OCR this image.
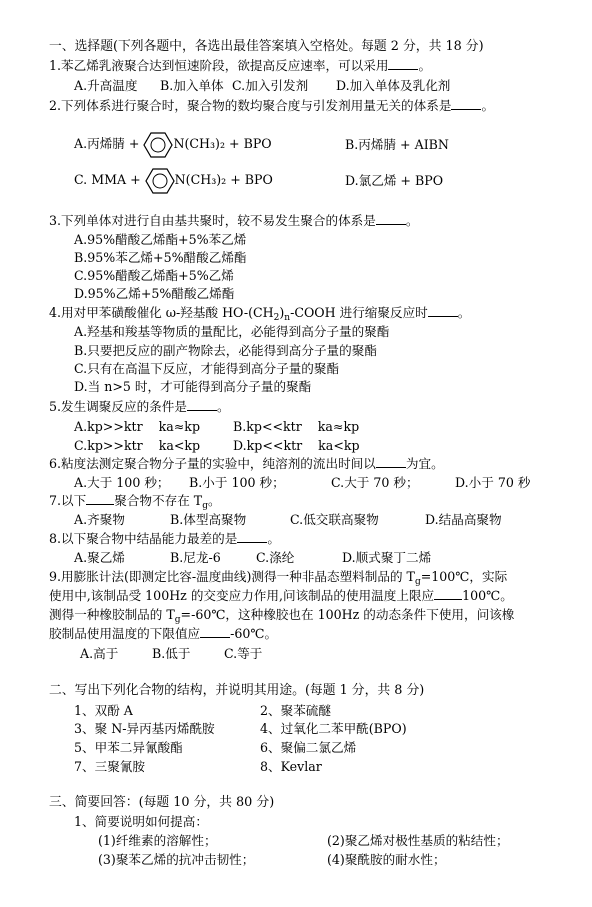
一、选择题(下列各题中，各选出最佳答案填入空格处。每题 2 分，共 18 分)
1.苯乙烯乳液聚合达到恒速阶段，欲提高反应速率，可以采用 。
A.升高温度 B.加入单体 C.加入引发剂 D.加入单体及乳化剂
2.下列体系进行聚合时，聚合物的数均聚合度与引发剂用量无关的体系是 。
A.丙烯腈 +	N(CH₃)₂ + BPO	B.丙烯腈 + AIBN
C. MMA +	N(CH₃)₂ + BPO	D.氯乙烯 + BPO
3.下列单体对进行自由基共聚时，较不易发生聚合的体系是 。
A.95%醋酸乙烯酯+5%苯乙烯
B.95%苯乙烯+5%醋酸乙烯酯
C.95%醋酸乙烯酯+5%乙烯
D.95%乙烯+5%醋酸乙烯酯
4.用对甲苯磺酸催化 ω-羟基酸 $HO-(CH_2)_n$-COOH 进行缩聚反应时 。
A.羟基和羧基等物质的量配比，必能得到高分子量的聚酯
B.只要把反应的副产物除去，必能得到高分子量的聚酯
C.只有在高温下反应，才能得到高分子量的聚酯
D.当 n>5 时，才可能得到高分子量的聚酯
5.发生调聚反应的条件是 。
A.kp>>ktr    ka≈kp	B.kp<<ktr    ka≈kp
C.kp>>ktr    ka<kp	D.kp<<ktr    ka<kp
6.粘度法测定聚合物分子量的实验中，纯溶剂的流出时间以 为宜。
A.大于 100 秒； B.小于 100 秒；	C.大于 70 秒；	D.小于 70 秒
7.以下 聚合物不存在 $T_g$。
A.齐聚物	B.体型高聚物	C.低交联高聚物	D.结晶高聚物
8.以下聚合物中结晶能力最差的是 。
A.聚乙烯	B.尼龙-6	C.涤纶	D.顺式聚丁二烯
9.用膨胀计法(即测定比容-温度曲线)测得一种非晶态塑料制品的 $T_g=100℃$，实际
使用中,该制品受 100Hz 的交变应力作用,问该制品的使用温度上限应 100℃。
测得一种橡胶制品的 $T_g=-60℃$，这种橡胶也在 100Hz 的动态条件下使用，问该橡
胶制品使用温度的下限值应 -60℃。
A.高于	B.低于	C.等于
二、写出下列化合物的结构，并说明其用途。(每题 1 分，共 8 分)
1、双酚 A	2、聚苯硫醚
3、聚 N-异丙基丙烯酰胺	4、过氧化二苯甲酰(BPO)
5、甲苯二异氰酸酯	6、聚偏二氯乙烯
7、三聚氰胺	8、Kevlar
三、简要回答：(每题 10 分，共 80 分)
1、简要说明如何提高：
(1)纤维素的溶解性；	(2)聚乙烯对极性基质的粘结性；
(3)聚苯乙烯的抗冲击韧性；	(4)聚酰胺的耐水性；
